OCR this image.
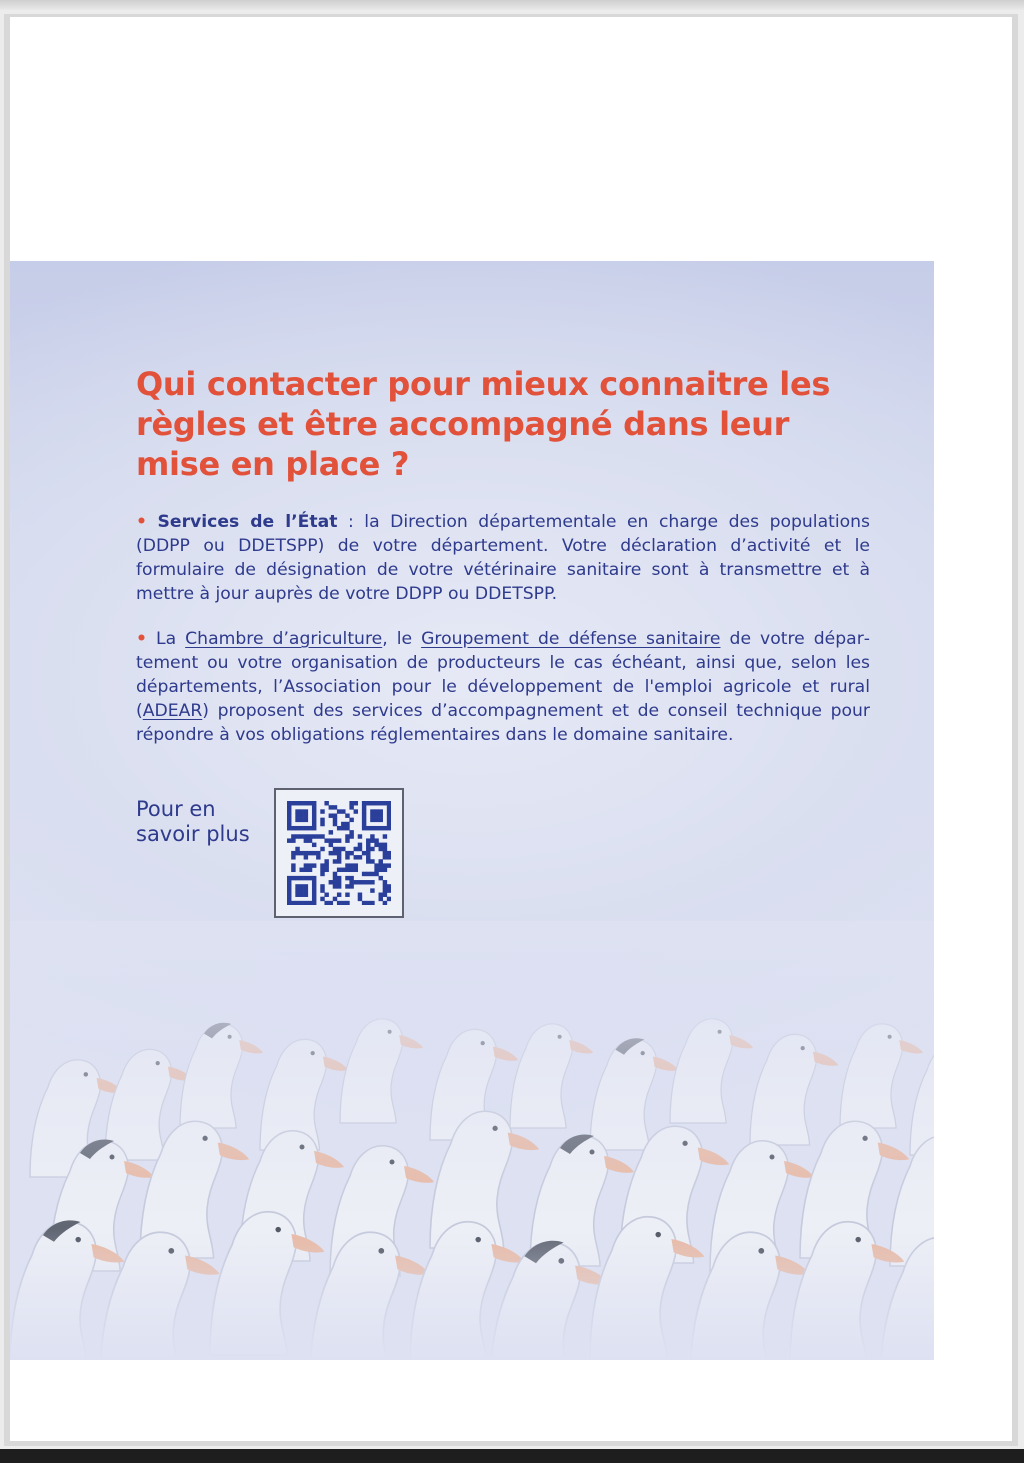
Qui contacter pour mieux connaitre les règles et être accompagné dans leur mise en place ?

• Services de l’État : la Direction départementale en charge des populations (DDPP ou DDETSPP) de votre département. Votre déclaration d’activité et le formulaire de désignation de votre vétérinaire sanitaire sont à transmettre et à mettre à jour auprès de votre DDPP ou DDETSPP.

• La Chambre d’agriculture, le Groupement de défense sanitaire de votre département ou votre organisation de producteurs le cas échéant, ainsi que, selon les départements, l’Association pour le développement de l'emploi agricole et rural (ADEAR) proposent des services d’accompagnement et de conseil technique pour répondre à vos obligations réglementaires dans le domaine sanitaire.

Pour en
savoir plus
